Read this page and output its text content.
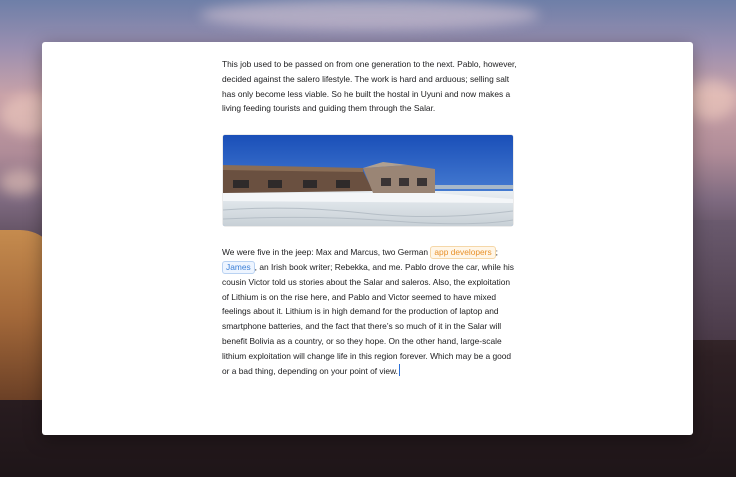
This job used to be passed on from one generation to the next. Pablo, however, decided against the salero lifestyle. The work is hard and arduous; selling salt has only become less viable. So he built the hostal in Uyuni and now makes a living feeding tourists and guiding them through the Salar.

We were five in the jeep: Max and Marcus, two German app developers ;
James , an Irish book writer; Rebekka, and me. Pablo drove the car, while his cousin Victor told us stories about the Salar and saleros. Also, the exploitation of Lithium is on the rise here, and Pablo and Victor seemed to have mixed feelings about it. Lithium is in high demand for the production of laptop and smartphone batteries, and the fact that there’s so much of it in the Salar will benefit Bolivia as a country, or so they hope. On the other hand, large-scale lithium exploitation will change life in this region forever. Which may be a good or a bad thing, depending on your point of view.
